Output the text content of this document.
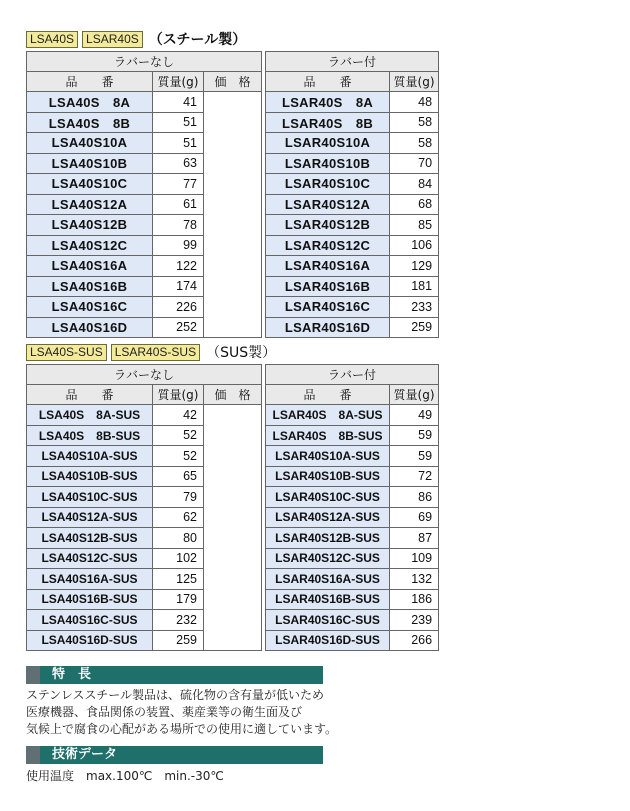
LSA40S	LSAR40S （スチール製）
ラバーなし				ラバー付	
品　　番	質量(g)	価　格		品　　番	質量(g)
LSA40S　8A	41			LSAR40S　8A	48
LSA40S　8B	51			LSAR40S　8B	58
LSA40S10A	51			LSAR40S10A	58
LSA40S10B	63			LSAR40S10B	70
LSA40S10C	77			LSAR40S10C	84
LSA40S12A	61			LSAR40S12A	68
LSA40S12B	78			LSAR40S12B	85
LSA40S12C	99			LSAR40S12C	106
LSA40S16A	122			LSAR40S16A	129
LSA40S16B	174			LSAR40S16B	181
LSA40S16C	226			LSAR40S16C	233
LSA40S16D	252			LSAR40S16D	259
LSA40S-SUS	LSAR40S-SUS （SUS製）
ラバーなし				ラバー付	
品　　番	質量(g)	価　格		品　　番	質量(g)
LSA40S　8A-SUS	42			LSAR40S　8A-SUS	49
LSA40S　8B-SUS	52			LSAR40S　8B-SUS	59
LSA40S10A-SUS	52			LSAR40S10A-SUS	59
LSA40S10B-SUS	65			LSAR40S10B-SUS	72
LSA40S10C-SUS	79			LSAR40S10C-SUS	86
LSA40S12A-SUS	62			LSAR40S12A-SUS	69
LSA40S12B-SUS	80			LSAR40S12B-SUS	87
LSA40S12C-SUS	102			LSAR40S12C-SUS	109
LSA40S16A-SUS	125			LSAR40S16A-SUS	132
LSA40S16B-SUS	179			LSAR40S16B-SUS	186
LSA40S16C-SUS	232			LSAR40S16C-SUS	239
LSA40S16D-SUS	259			LSAR40S16D-SUS	266
特　長
ステンレススチール製品は、硫化物の含有量が低いため
医療機器、食品関係の装置、薬産業等の衛生面及び
気候上で腐食の心配がある場所での使用に適しています。
技術データ
使用温度　max.100℃　min.-30℃
